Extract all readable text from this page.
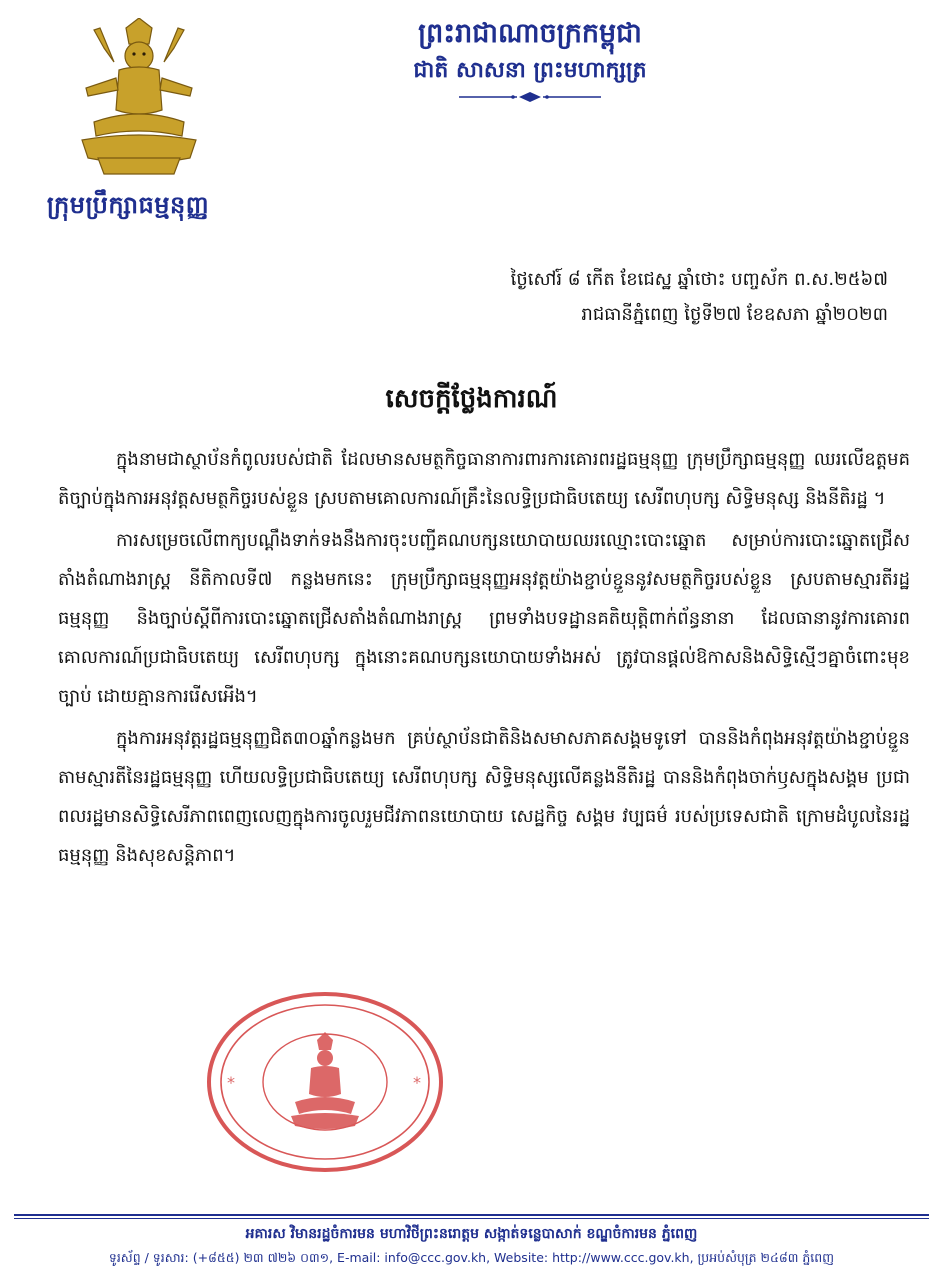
ក្រុមប្រឹក្សាធម្មនុញ្ញ
ព្រះរាជាណាចក្រកម្ពុជា
ជាតិ សាសនា ព្រះមហាក្សត្រ
ថ្ងៃសៅរ៍ ៨ កើត ខែជេស្ឋ ឆ្នាំថោះ បញ្ចស័ក ព.ស.២៥៦៧
រាជធានីភ្នំពេញ ថ្ងៃទី២៧ ខែឧសភា ឆ្នាំ២០២៣
សេចក្តីថ្លែងការណ៍

ក្នុងនាមជាស្ថាប័នកំពូលរបស់ជាតិ ដែលមានសមត្ថកិច្ចធានាការពារការគោរពរដ្ឋធម្មនុញ្ញ ក្រុមប្រឹក្សាធម្មនុញ្ញ ឈរលើឧត្តមគតិច្បាប់ក្នុងការអនុវត្តសមត្ថកិច្ចរបស់ខ្លួន ស្របតាមគោលការណ៍គ្រឹះនៃលទ្ធិប្រជាធិបតេយ្យ សេរីពហុបក្ស សិទ្ធិមនុស្ស និងនីតិរដ្ឋ ។

ការសម្រេចលើពាក្យបណ្តឹងទាក់ទងនឹងការចុះបញ្ជីគណបក្សនយោបាយឈរឈ្មោះបោះឆ្នោត សម្រាប់ការបោះឆ្នោតជ្រើសតាំងតំណាងរាស្ត្រ នីតិកាលទី៧ កន្លងមកនេះ ក្រុមប្រឹក្សាធម្មនុញ្ញអនុវត្តយ៉ាងខ្ជាប់ខ្ជួននូវសមត្ថកិច្ចរបស់ខ្លួន ស្របតាមស្មារតីរដ្ឋធម្មនុញ្ញ និងច្បាប់ស្តីពីការបោះឆ្នោតជ្រើសតាំងតំណាងរាស្ត្រ ព្រមទាំងបទដ្ឋានគតិយុត្តិពាក់ព័ន្ធនានា ដែលធានានូវការគោរពគោលការណ៍ប្រជាធិបតេយ្យ សេរីពហុបក្ស ក្នុងនោះគណបក្សនយោបាយទាំងអស់ ត្រូវបានផ្តល់ឱកាសនិងសិទ្ធិស្មើៗគ្នាចំពោះមុខច្បាប់ ដោយគ្មានការរើសអើង។

ក្នុងការអនុវត្តរដ្ឋធម្មនុញ្ញជិត៣០ឆ្នាំកន្លងមក គ្រប់ស្ថាប័នជាតិនិងសមាសភាគសង្គមទូទៅ បាននិងកំពុងអនុវត្តយ៉ាងខ្ជាប់ខ្ជួនតាមស្មារតីនៃរដ្ឋធម្មនុញ្ញ ហើយលទ្ធិប្រជាធិបតេយ្យ សេរីពហុបក្ស សិទ្ធិមនុស្សលើគន្លងនីតិរដ្ឋ បាននិងកំពុងចាក់ឫសក្នុងសង្គម ប្រជាពលរដ្ឋមានសិទ្ធិសេរីភាពពេញលេញក្នុងការចូលរួមជីវភាពនយោបាយ សេដ្ឋកិច្ច សង្គម វប្បធម៌ របស់ប្រទេសជាតិ ក្រោមដំបូលនៃរដ្ឋធម្មនុញ្ញ និងសុខសន្តិភាព។

*	*
អគារស វិមានរដ្ឋចំការមន មហាវិថីព្រះនរោត្តម សង្កាត់ទន្លេបាសាក់ ខណ្ឌចំការមន ភ្នំពេញ
ទូរស័ព្ទ / ទូរសារ: (+៨៥៥) ២៣ ៧២៦ ០៣១, E-mail: info@ccc.gov.kh, Website: http://www.ccc.gov.kh, ប្រអប់សំបុត្រ ២៤៨៣ ភ្នំពេញ
